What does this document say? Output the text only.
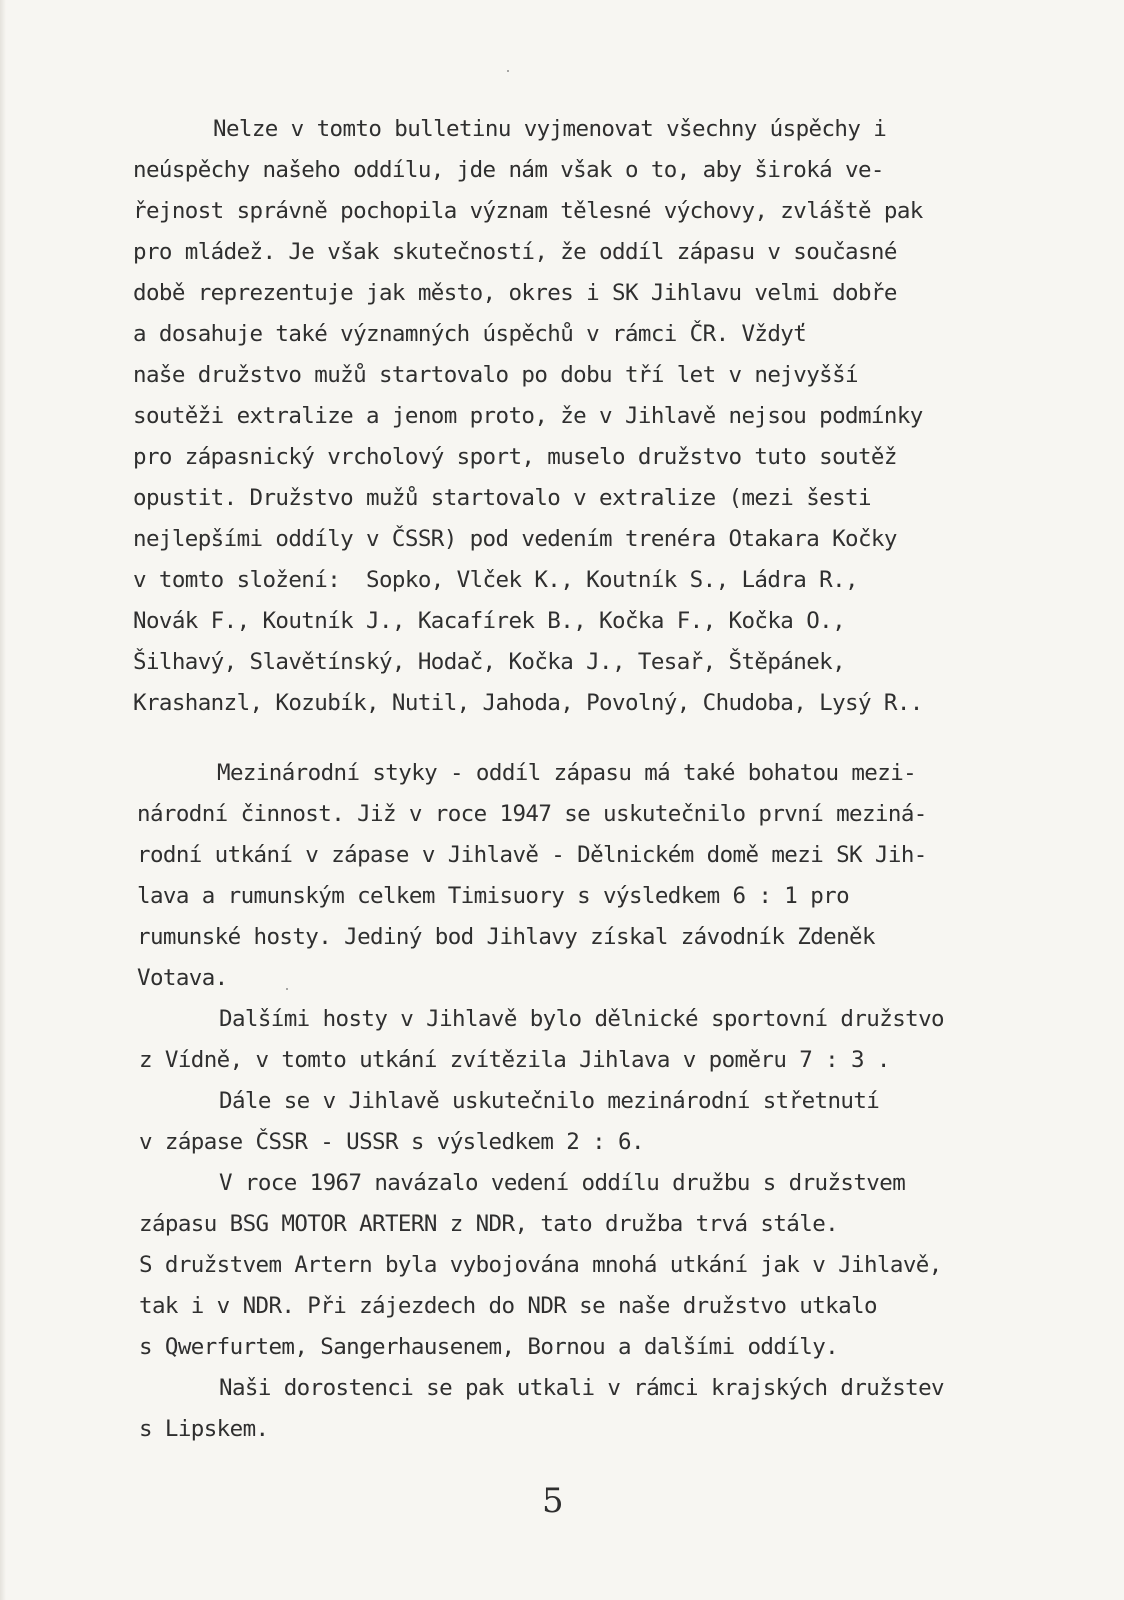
Nelze v tomto bulletinu vyjmenovat všechny úspěchy i

neúspěchy našeho oddílu, jde nám však o to, aby široká ve-

řejnost správně pochopila význam tělesné výchovy, zvláště pak

pro mládež. Je však skutečností, že oddíl zápasu v současné

době reprezentuje jak město, okres i SK Jihlavu velmi dobře

a dosahuje také významných úspěchů v rámci ČR. Vždyť

naše družstvo mužů startovalo po dobu tří let v nejvyšší

soutěži extralize a jenom proto, že v Jihlavě nejsou podmínky

pro zápasnický vrcholový sport, muselo družstvo tuto soutěž

opustit. Družstvo mužů startovalo v extralize (mezi šesti

nejlepšími oddíly v ČSSR) pod vedením trenéra Otakara Kočky

v tomto složení:  Sopko, Vlček K., Koutník S., Ládra R.,

Novák F., Koutník J., Kacafírek B., Kočka F., Kočka O.,

Šilhavý, Slavětínský, Hodač, Kočka J., Tesař, Štěpánek,

Krashanzl, Kozubík, Nutil, Jahoda, Povolný, Chudoba, Lysý R..

Mezinárodní styky - oddíl zápasu má také bohatou mezi-

národní činnost. Již v roce 1947 se uskutečnilo první meziná-

rodní utkání v zápase v Jihlavě - Dělnickém domě mezi SK Jih-

lava a rumunským celkem Timisuory s výsledkem 6 : 1 pro

rumunské hosty. Jediný bod Jihlavy získal závodník Zdeněk

Votava.

Dalšími hosty v Jihlavě bylo dělnické sportovní družstvo

z Vídně, v tomto utkání zvítězila Jihlava v poměru 7 : 3 .

Dále se v Jihlavě uskutečnilo mezinárodní střetnutí

v zápase ČSSR - USSR s výsledkem 2 : 6.

V roce 1967 navázalo vedení oddílu družbu s družstvem

zápasu BSG MOTOR ARTERN z NDR, tato družba trvá stále.

S družstvem Artern byla vybojována mnohá utkání jak v Jihlavě,

tak i v NDR. Při zájezdech do NDR se naše družstvo utkalo

s Qwerfurtem, Sangerhausenem, Bornou a dalšími oddíly.

Naši dorostenci se pak utkali v rámci krajských družstev

s Lipskem.

5
